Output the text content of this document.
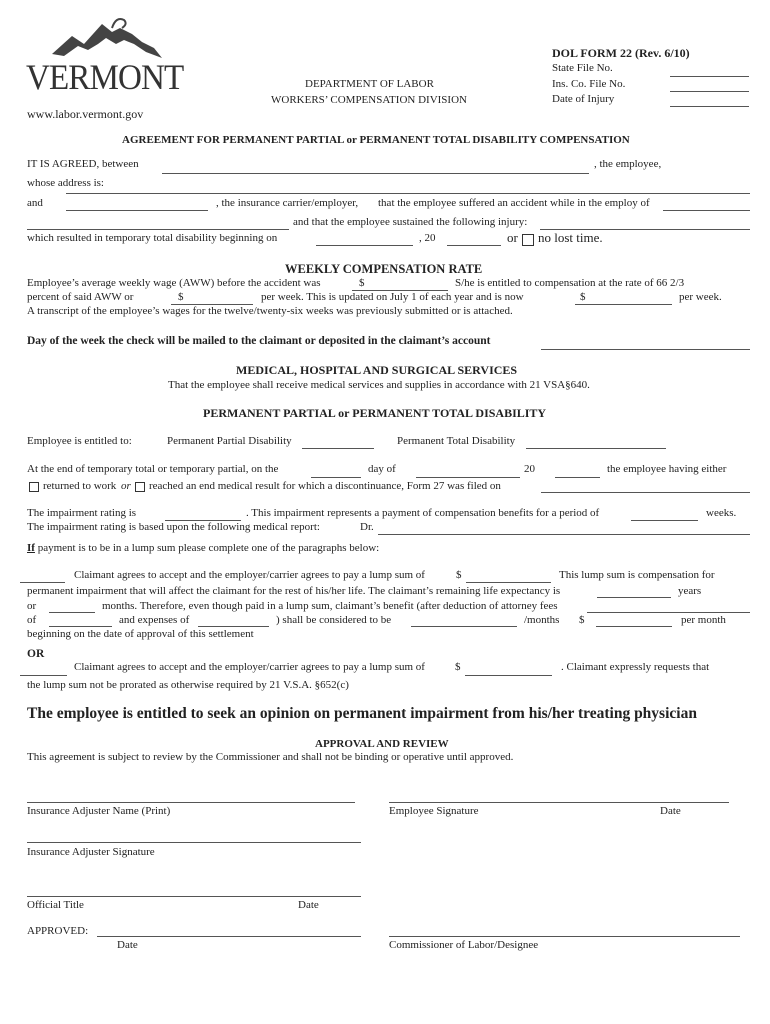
VERMONT
www.labor.vermont.gov
DEPARTMENT OF LABOR
WORKERS’ COMPENSATION DIVISION
DOL FORM 22 (Rev. 6/10)
State File No.
Ins. Co. File No.
Date of Injury
AGREEMENT FOR PERMANENT PARTIAL or PERMANENT TOTAL DISABILITY COMPENSATION
IT IS AGREED, between	, the employee,
whose address is:
and	, the insurance carrier/employer, that the employee suffered an accident while in the employ of
and that the employee sustained the following injury:
which resulted in temporary total disability beginning on	, 20	or no lost time.
WEEKLY COMPENSATION RATE
Employee’s average weekly wage (AWW) before the accident was	$	S/he is entitled to compensation at the rate of 66 2/3
percent of said AWW or	$	per week. This is updated on July 1 of each year and is now	$	per week.
A transcript of the employee’s wages for the twelve/twenty-six weeks was previously submitted or is attached.
Day of the week the check will be mailed to the claimant or deposited in the claimant’s account
MEDICAL, HOSPITAL AND SURGICAL SERVICES
That the employee shall receive medical services and supplies in accordance with 21 VSA§640.
PERMANENT PARTIAL or PERMANENT TOTAL DISABILITY
Employee is entitled to:	Permanent Partial Disability	Permanent Total Disability
At the end of temporary total or temporary partial, on the	day of	20	the employee having either
returned to work or reached an end medical result for which a discontinuance, Form 27 was filed on
The impairment rating is	. This impairment represents a payment of compensation benefits for a period of	weeks.
The impairment rating is based upon the following medical report:	Dr.
If payment is to be in a lump sum please complete one of the paragraphs below:
Claimant agrees to accept and the employer/carrier agrees to pay a lump sum of	$	This lump sum is compensation for
permanent impairment that will affect the claimant for the rest of his/her life. The claimant’s remaining life expectancy is	years
or	months. Therefore, even though paid in a lump sum, claimant’s benefit (after deduction of attorney fees
of	and expenses of	) shall be considered to be	/months $	per month
beginning on the date of approval of this settlement
OR
Claimant agrees to accept and the employer/carrier agrees to pay a lump sum of	$	. Claimant expressly requests that
the lump sum not be prorated as otherwise required by 21 V.S.A. §652(c)
The employee is entitled to seek an opinion on permanent impairment from his/her treating physician
APPROVAL AND REVIEW
This agreement is subject to review by the Commissioner and shall not be binding or operative until approved.
Insurance Adjuster Name (Print)	Employee Signature	Date
Insurance Adjuster Signature
Official Title	Date
APPROVED:
Date	Commissioner of Labor/Designee
